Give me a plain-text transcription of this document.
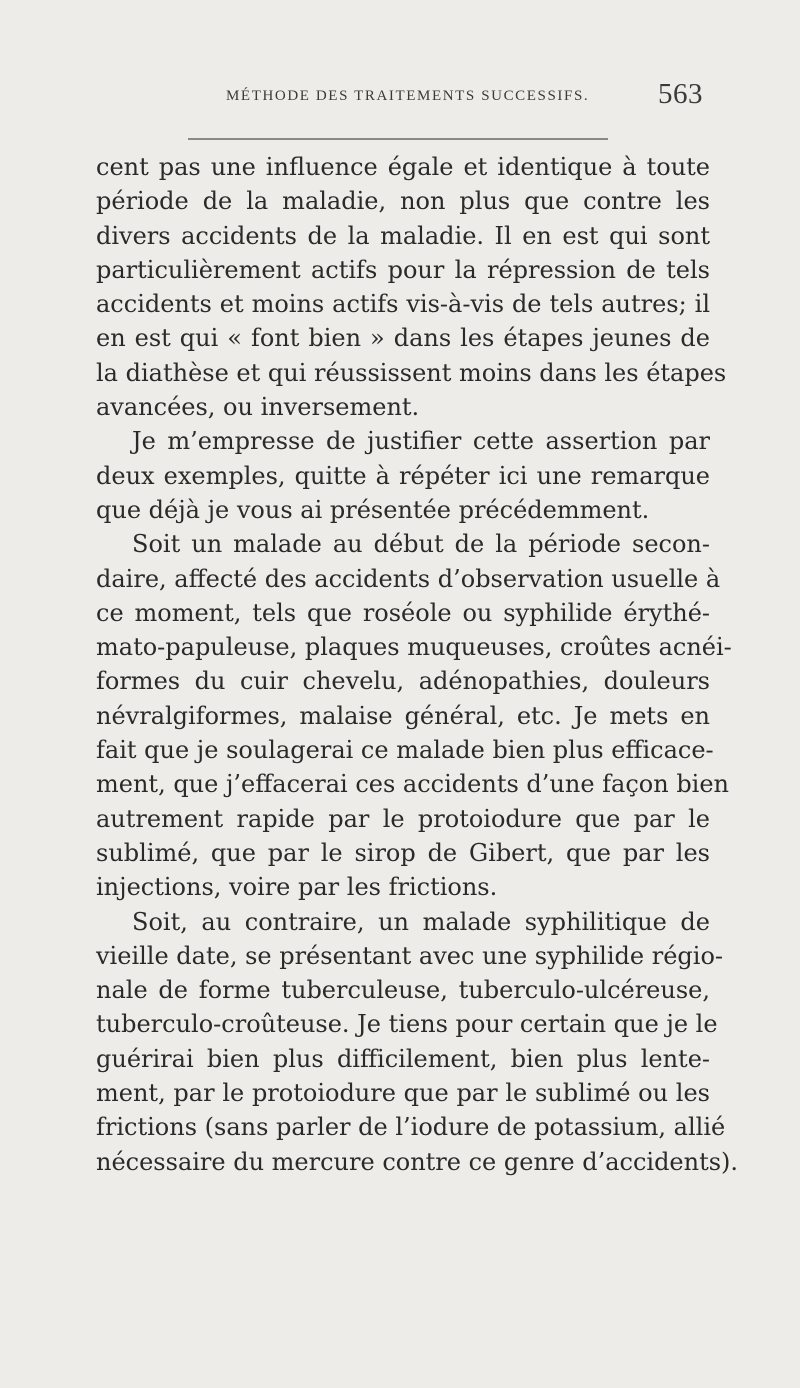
MÉTHODE DES TRAITEMENTS SUCCESSIFS.	563
cent pas une influence égale et identique à toute
période de la maladie, non plus que contre les
divers accidents de la maladie. Il en est qui sont
particulièrement actifs pour la répression de tels
accidents et moins actifs vis-à-vis de tels autres; il
en est qui « font bien » dans les étapes jeunes de
la diathèse et qui réussissent moins dans les étapes
avancées, ou inversement.
Je m’empresse de justifier cette assertion par
deux exemples, quitte à répéter ici une remarque
que déjà je vous ai présentée précédemment.
Soit un malade au début de la période secon-
daire, affecté des accidents d’observation usuelle à
ce moment, tels que roséole ou syphilide érythé-
mato-papuleuse, plaques muqueuses, croûtes acnéi-
formes du cuir chevelu, adénopathies, douleurs
névralgiformes, malaise général, etc. Je mets en
fait que je soulagerai ce malade bien plus efficace-
ment, que j’effacerai ces accidents d’une façon bien
autrement rapide par le protoiodure que par le
sublimé, que par le sirop de Gibert, que par les
injections, voire par les frictions.
Soit, au contraire, un malade syphilitique de
vieille date, se présentant avec une syphilide régio-
nale de forme tuberculeuse, tuberculo-ulcéreuse,
tuberculo-croûteuse. Je tiens pour certain que je le
guérirai bien plus difficilement, bien plus lente-
ment, par le protoiodure que par le sublimé ou les
frictions (sans parler de l’iodure de potassium, allié
nécessaire du mercure contre ce genre d’accidents).
